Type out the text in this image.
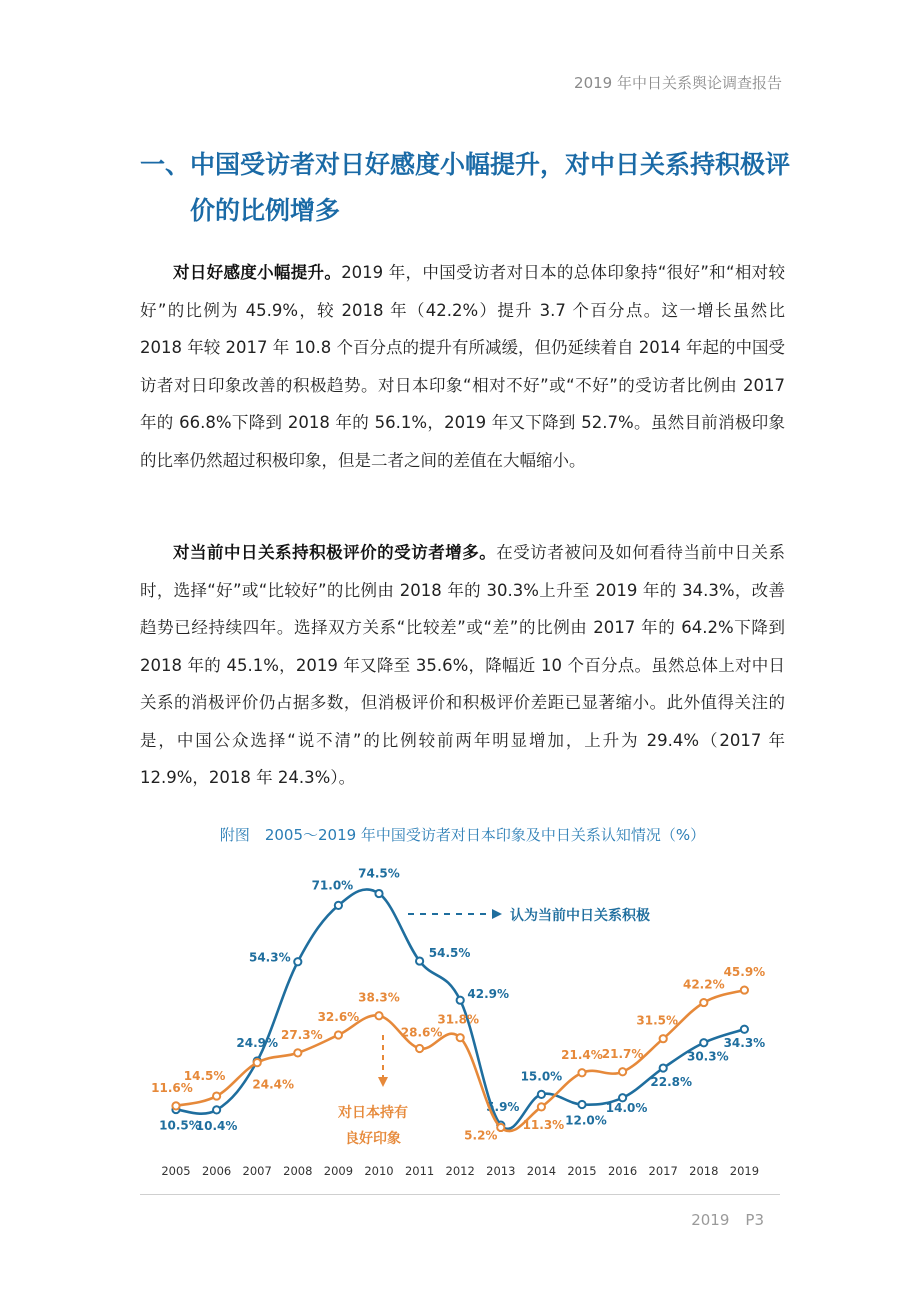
2019 年中日关系舆论调查报告
一、中国受访者对日好感度小幅提升，对中日关系持积极评
价的比例增多

对日好感度小幅提升。2019 年，中国受访者对日本的总体印象持“很好”和“相对较好”的比例为 45.9%，较 2018 年（42.2%）提升 3.7 个百分点。这一增长虽然比 2018 年较 2017 年 10.8 个百分点的提升有所减缓，但仍延续着自 2014 年起的中国受访者对日印象改善的积极趋势。对日本印象“相对不好”或“不好”的受访者比例由 2017 年的 66.8%下降到 2018 年的 56.1%，2019 年又下降到 52.7%。虽然目前消极印象的比率仍然超过积极印象，但是二者之间的差值在大幅缩小。

对当前中日关系持积极评价的受访者增多。在受访者被问及如何看待当前中日关系时，选择“好”或“比较好”的比例由 2018 年的 30.3%上升至 2019 年的 34.3%，改善趋势已经持续四年。选择双方关系“比较差”或“差”的比例由 2017 年的 64.2%下降到 2018 年的 45.1%，2019 年又降至 35.6%，降幅近 10 个百分点。虽然总体上对中日关系的消极评价仍占据多数，但消极评价和积极评价差距已显著缩小。此外值得关注的是，中国公众选择“说不清”的比例较前两年明显增加，上升为 29.4%（2017 年 12.9%，2018 年 24.3%）。

附图　2005～2019 年中国受访者对日本印象及中日关系认知情况（%）
10.5%
10.4%
24.9%
54.3%
71.0%
74.5%
54.5%
42.9%
5.9%
15.0%
12.0%
14.0%
22.8%
30.3%
34.3%
11.6%
14.5%
24.4%
27.3%
32.6%
38.3%
28.6%
31.8%
5.2%
11.3%
21.4%
21.7%
31.5%
42.2%
45.9%
2005 2006 2007 2008 2009 2010 2011 2012 2013 2014 2015 2016 2017 2018 2019
认为当前中日关系积极
对日本持有
良好印象
2019 P3
